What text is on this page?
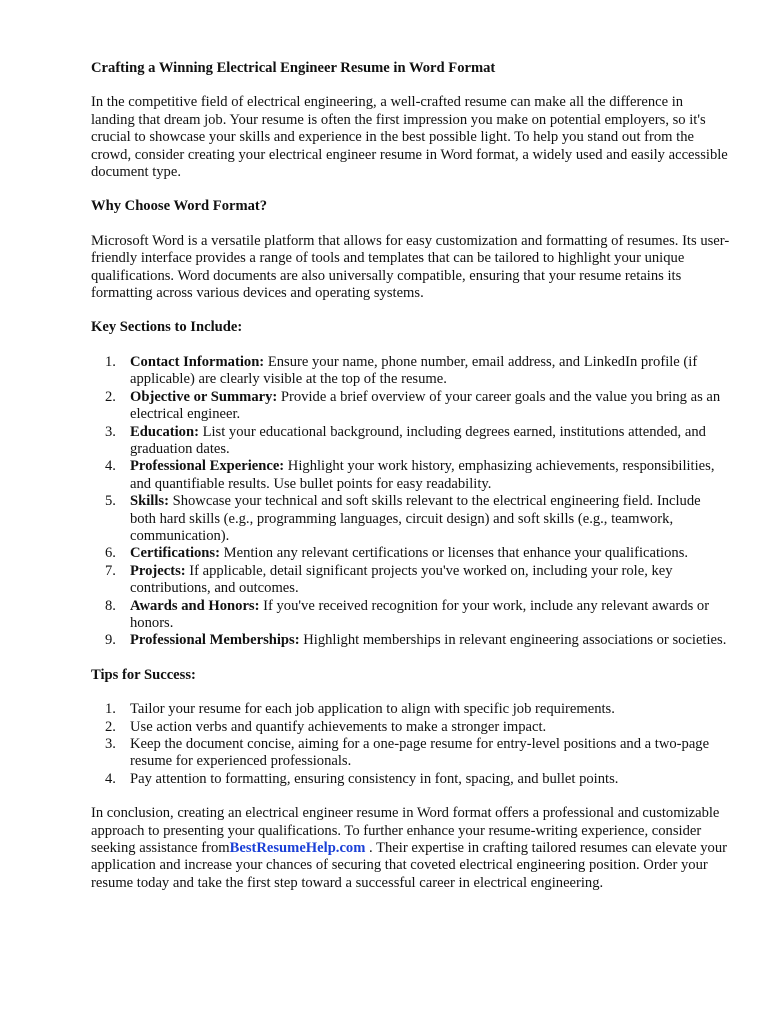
Crafting a Winning Electrical Engineer Resume in Word Format

In the competitive field of electrical engineering, a well-crafted resume can make all the difference in landing that dream job. Your resume is often the first impression you make on potential employers, so it's crucial to showcase your skills and experience in the best possible light. To help you stand out from the crowd, consider creating your electrical engineer resume in Word format, a widely used and easily accessible document type.

Why Choose Word Format?

Microsoft Word is a versatile platform that allows for easy customization and formatting of resumes. Its user-friendly interface provides a range of tools and templates that can be tailored to highlight your unique qualifications. Word documents are also universally compatible, ensuring that your resume retains its formatting across various devices and operating systems.

Key Sections to Include:
1. Contact Information: Ensure your name, phone number, email address, and LinkedIn profile (if applicable) are clearly visible at the top of the resume.
2. Objective or Summary: Provide a brief overview of your career goals and the value you bring as an electrical engineer.
3. Education: List your educational background, including degrees earned, institutions attended, and graduation dates.
4. Professional Experience: Highlight your work history, emphasizing achievements, responsibilities, and quantifiable results. Use bullet points for easy readability.
5. Skills: Showcase your technical and soft skills relevant to the electrical engineering field. Include both hard skills (e.g., programming languages, circuit design) and soft skills (e.g., teamwork, communication).
6. Certifications: Mention any relevant certifications or licenses that enhance your qualifications.
7. Projects: If applicable, detail significant projects you've worked on, including your role, key contributions, and outcomes.
8. Awards and Honors: If you've received recognition for your work, include any relevant awards or honors.
9. Professional Memberships: Highlight memberships in relevant engineering associations or societies.
Tips for Success:
1. Tailor your resume for each job application to align with specific job requirements.
2. Use action verbs and quantify achievements to make a stronger impact.
3. Keep the document concise, aiming for a one-page resume for entry-level positions and a two-page resume for experienced professionals.
4. Pay attention to formatting, ensuring consistency in font, spacing, and bullet points.

In conclusion, creating an electrical engineer resume in Word format offers a professional and customizable approach to presenting your qualifications. To further enhance your resume-writing experience, consider seeking assistance fromBestResumeHelp.com . Their expertise in crafting tailored resumes can elevate your application and increase your chances of securing that coveted electrical engineering position. Order your resume today and take the first step toward a successful career in electrical engineering.
